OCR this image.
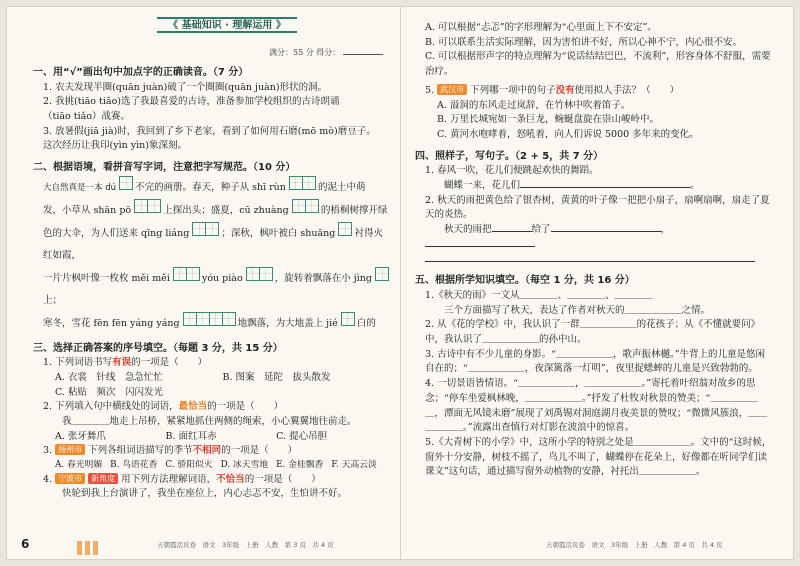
《 基础知识 · 理解运用 》
满分：55 分 得分：
一、用“√”画出句中加点字的正确读音。（7 分）
1. 农夫发现半圈(quān juàn)破了一个圈圈(quān juàn)形状的洞。
2. 我挑(tiāo tiǎo)选了我最喜爱的古诗，准备参加学校组织的古诗朗诵
（tiāo tiǎo）战赛。
3. 放暑假(jiā jià)时，我回到了乡下老家，看到了如何用石磨(mō mò)磨豆子。
这次经历让我印(yìn yìn)象深刻。
二、根据语境，看拼音写字词，注意把字写规范。（10 分）
大自然真是一本 dú 不完的画册。春天，种子从 shī rùn	的泥土中萌
发，小草从 shān pō	上探出头；盛夏，cū zhuàng	的梧桐树撑开绿
色的大伞，为人们送来 qīng liáng	；深秋，枫叶被白 shuāng 衬得火红如霞，
一片片枫叶像一枚枚 měi měi	yóu piào	，旋转着飘落在小 jìng  上；
寒冬，雪花 fēn fēn yáng yáng	地飘落，为大地盖上 jié 白的
三、选择正确答案的序号填空。（每题 3 分，共 15 分）
1. 下列词语书写有误的一项是（　　）
A. 衣裳　针线　急急忙忙	B. 图案　延陀　拔头散发
C. 粘贴　频次　闪闪发光
2. 下列填入句中横线处的词语，最恰当的一项是（　　）
我＿＿＿＿地走上吊桥，紧紧地抓住两侧的绳索，小心翼翼地往前走。
A. 张牙舞爪	B. 面红耳赤	C. 提心吊胆
3. 扬州市 下列各组词语描写的季节不相同的一项是（　　）
A. 春光明媚 B. 鸟语花香 C. 骄阳似火 D. 冰天雪地 E. 金桂飘香 F. 天高云淡
4. 宁波市 新角度 用下列方法理解词语，不恰当的一项是（　　）
快轮到我上台演讲了，我坐在座位上，内心忐忑不安，生怕讲不好。
6	天朝霞活页卷　语文　3年级　上册　人教　第 3 页　共 4 页
A. 可以根据“忐忑”的字形理解为“心里面上下不安定”。
B. 可以联系生活实际理解，因为害怕讲不好，所以心神不宁，内心很不安。
C. 可以根据形声字的特点理解为“说话结结巴巴，不流利”，形容身体不舒服，需要治疗。
5. 武汉市 下列哪一项中的句子没有使用拟人手法？（　　）
A. 溢洞的东风走过岚辞，在竹林中吹着笛子。
B. 万里长城宛如一条巨龙，蜿蜒盘旋在崇山峻岭中。
C. 黄河水咆哮着，怒吼着，向人们诉说 5000 多年来的变化。
四、照样子，写句子。（2 + 5，共 7 分）
1. 春风一吹，花儿们便跳起欢快的舞蹈。
蝴蝶一来，花儿们	。
2. 秋天的雨把黄色给了银杏树，黄黄的叶子像一把把小扇子，扇啊扇啊，扇走了夏天的炎热。
秋天的雨把	给了	，
五、根据所学知识填空。（每空 1 分，共 16 分）
1.《秋天的雨》一文从＿＿＿＿、＿＿＿＿、＿＿＿＿
三个方面描写了秋天，表达了作者对秋天的＿＿＿＿＿＿之情。
2. 从《花的学校》中，我认识了一群＿＿＿＿＿＿的花孩子；从《不懂就要问》中，我认识了＿＿＿＿＿＿的孙中山。
3. 古诗中有不少儿童的身影。“＿＿＿＿＿＿，歌声振林樾。”牛背上的儿童是悠闲自在的；“＿＿＿＿＿＿，夜深篱落一灯明”，夜里捉蟋蟀的儿童是兴致勃勃的。
4. 一切景语皆情语。“＿＿＿＿＿＿，＿＿＿＿＿＿。”寄托着叶绍翁对故乡的思念；“停车坐爱枫林晚，＿＿＿＿＿＿。”抒发了杜牧对秋景的赞美；“＿＿＿＿＿＿，潭面无风镜未磨”展现了刘禹锡对洞庭湖月夜美景的赞叹；“微微风簇浪，＿＿＿＿＿＿。”流露出查慎行对灯影在波浪中的惊喜。
5.《大青树下的小学》中，这所小学的特别之处是＿＿＿＿＿＿。文中的“这时候，窗外十分安静，树枝不摇了，鸟儿不叫了，蝴蝶停在花朵上，好像都在听同学们读课文”这句话，通过描写窗外动植物的安静，衬托出＿＿＿＿＿＿。
天朝霞活页卷　语文　3年级　上册　人教　第 4 页　共 4 页
